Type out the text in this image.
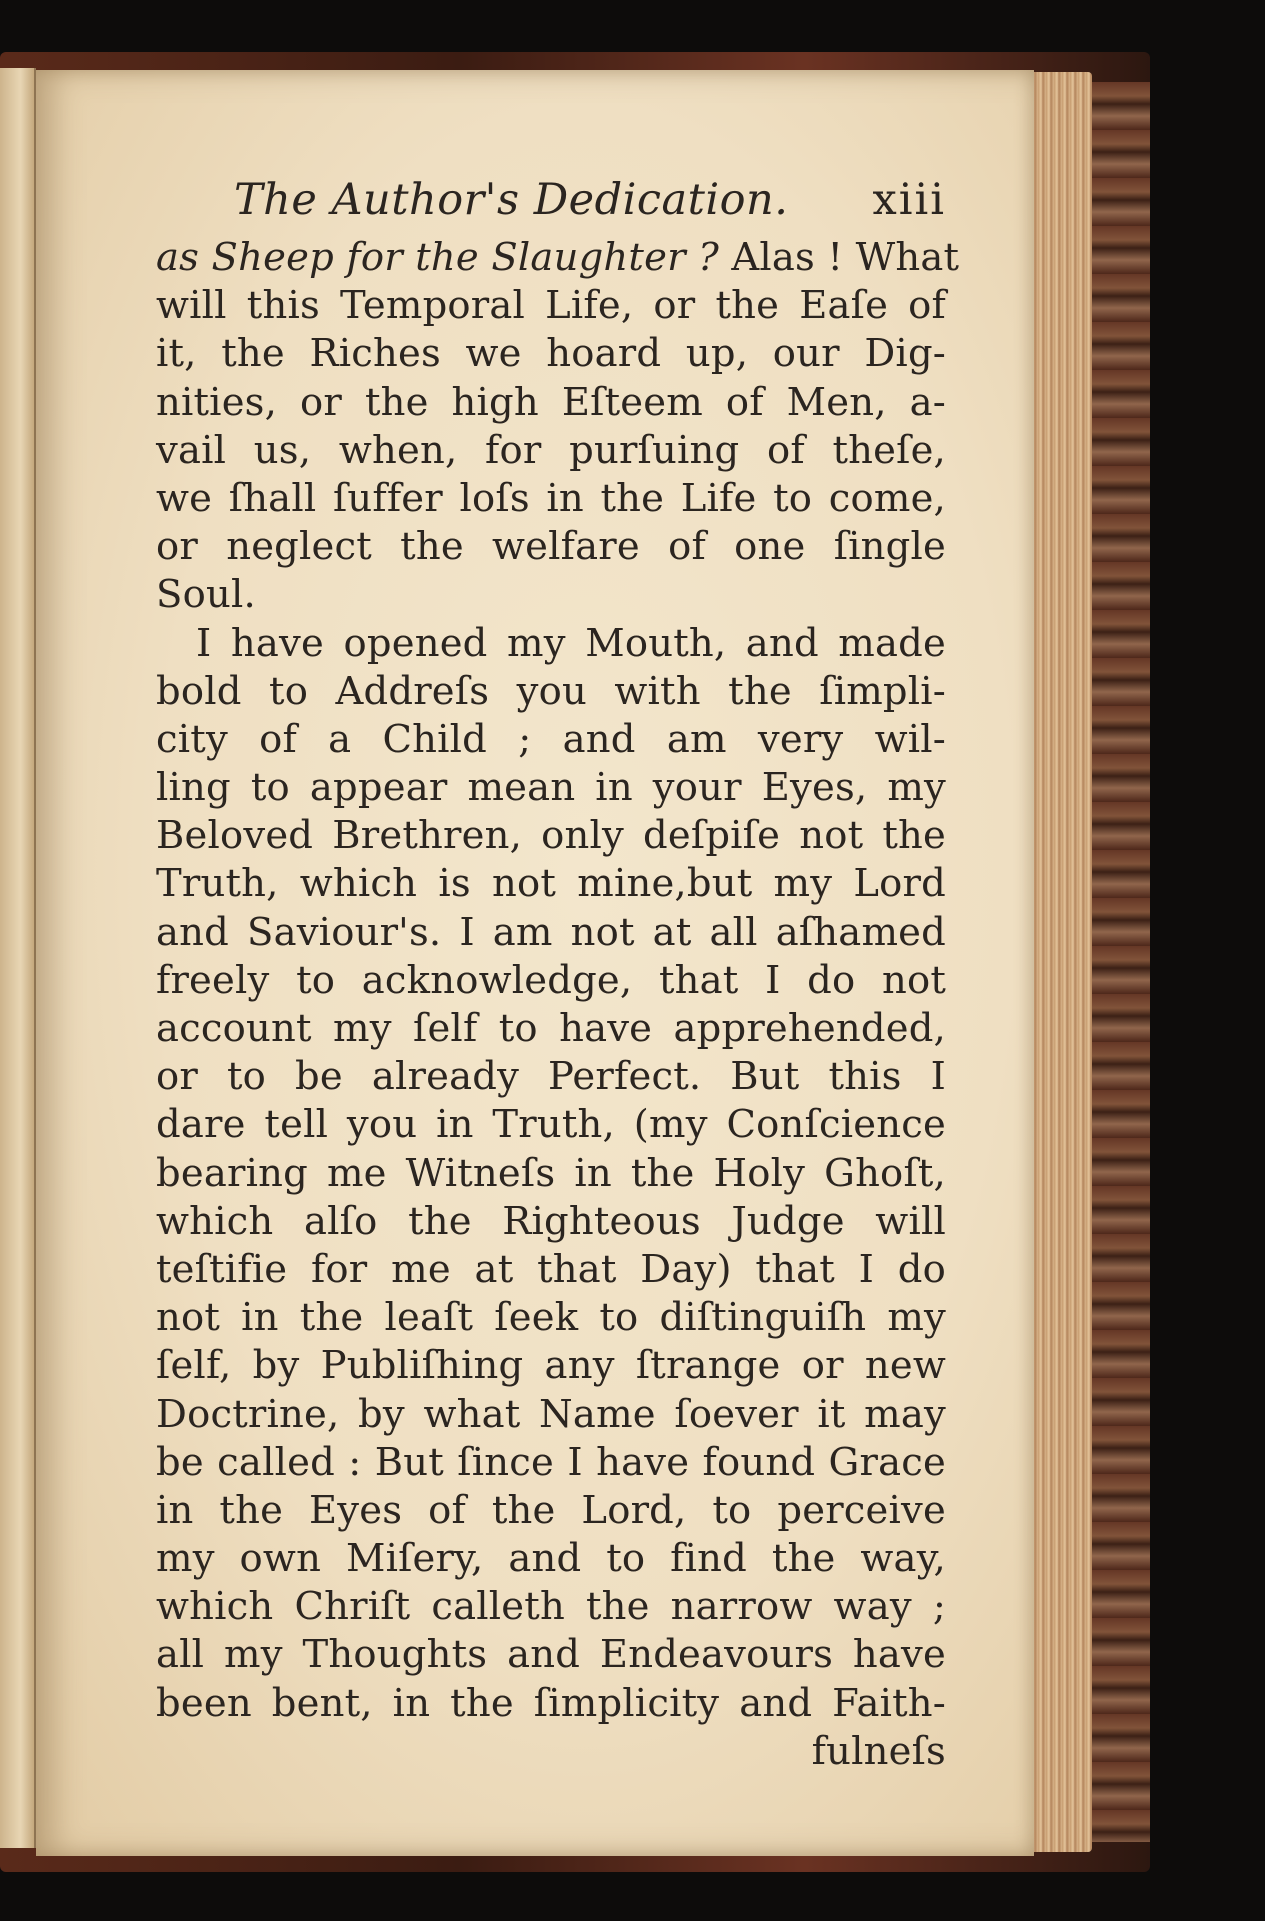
The Author's Dedication. xiii
as Sheep for the Slaughter ? Alas ! What
will this Temporal Life, or the Eaſe of
it, the Riches we hoard up, our Dig-
nities, or the high Eſteem of Men, a-
vail us, when, for purſuing of theſe,
we ſhall ſuffer loſs in the Life to come,
or neglect the welfare of one ſingle
Soul.
I have opened my Mouth, and made
bold to Addreſs you with the ſimpli-
city of a Child ; and am very wil-
ling to appear mean in your Eyes, my
Beloved Brethren, only deſpiſe not the
Truth, which is not mine,but my Lord
and Saviour's. I am not at all aſhamed
freely to acknowledge, that I do not
account my ſelf to have apprehended,
or to be already Perfect. But this I
dare tell you in Truth, (my Conſcience
bearing me Witneſs in the Holy Ghoſt,
which alſo the Righteous Judge will
teſtifie for me at that Day) that I do
not in the leaſt ſeek to diſtinguiſh my
ſelf, by Publiſhing any ſtrange or new
Doctrine, by what Name ſoever it may
be called : But ſince I have found Grace
in the Eyes of the Lord, to perceive
my own Miſery, and to find the way,
which Chriſt calleth the narrow way ;
all my Thoughts and Endeavours have
been bent, in the ſimplicity and Faith-
fulneſs
